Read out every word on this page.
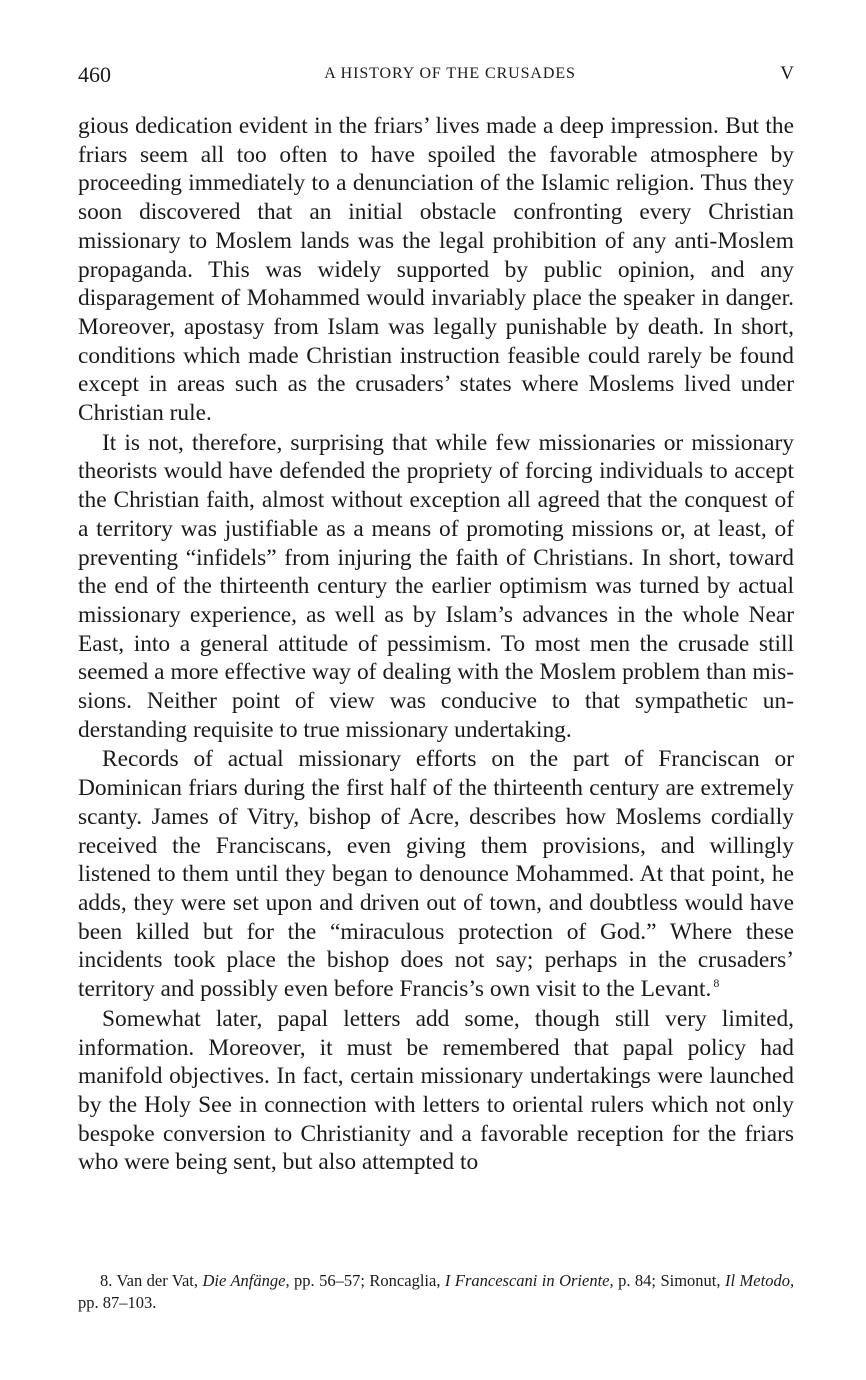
460	A HISTORY OF THE CRUSADES	V

gious dedication evident in the friars’ lives made a deep impression. But the friars seem all too often to have spoiled the favorable atmosphere by proceeding immediately to a denunciation of the Islamic religion. Thus they soon discovered that an initial obstacle confronting every Christian missionary to Moslem lands was the legal prohibition of any anti-Moslem propaganda. This was widely supported by public opinion, and any disparagement of Mohammed would invariably place the speaker in danger. Moreover, apostasy from Islam was legally punishable by death. In short, conditions which made Christian instruction feasible could rarely be found except in areas such as the crusaders’ states where Moslems lived under Christian rule.

It is not, therefore, surprising that while few missionaries or missionary theorists would have defended the propriety of forcing individuals to accept the Christian faith, almost without exception all agreed that the conquest of a territory was justifiable as a means of promoting missions or, at least, of preventing “infidels” from injuring the faith of Christians. In short, toward the end of the thirteenth century the earlier optimism was turned by actual missionary experience, as well as by Islam’s advances in the whole Near East, into a general attitude of pessimism. To most men the crusade still seemed a more effective way of dealing with the Moslem problem than missions. Neither point of view was conducive to that sympathetic understanding requisite to true missionary undertaking.

Records of actual missionary efforts on the part of Franciscan or Dominican friars during the first half of the thirteenth century are extremely scanty. James of Vitry, bishop of Acre, describes how Moslems cordially received the Franciscans, even giving them provisions, and willingly listened to them until they began to denounce Mohammed. At that point, he adds, they were set upon and driven out of town, and doubtless would have been killed but for the “miraculous protection of God.” Where these incidents took place the bishop does not say; perhaps in the crusaders’ territory and possibly even before Francis’s own visit to the Levant. $^8$

Somewhat later, papal letters add some, though still very limited, information. Moreover, it must be remembered that papal policy had manifold objectives. In fact, certain missionary undertakings were launched by the Holy See in connection with letters to oriental rulers which not only bespoke conversion to Christianity and a favorable reception for the friars who were being sent, but also attempted to

8. Van der Vat, Die Anfänge, pp. 56–57; Roncaglia, I Francescani in Oriente, p. 84; Simonut, Il Metodo, pp. 87–103.
